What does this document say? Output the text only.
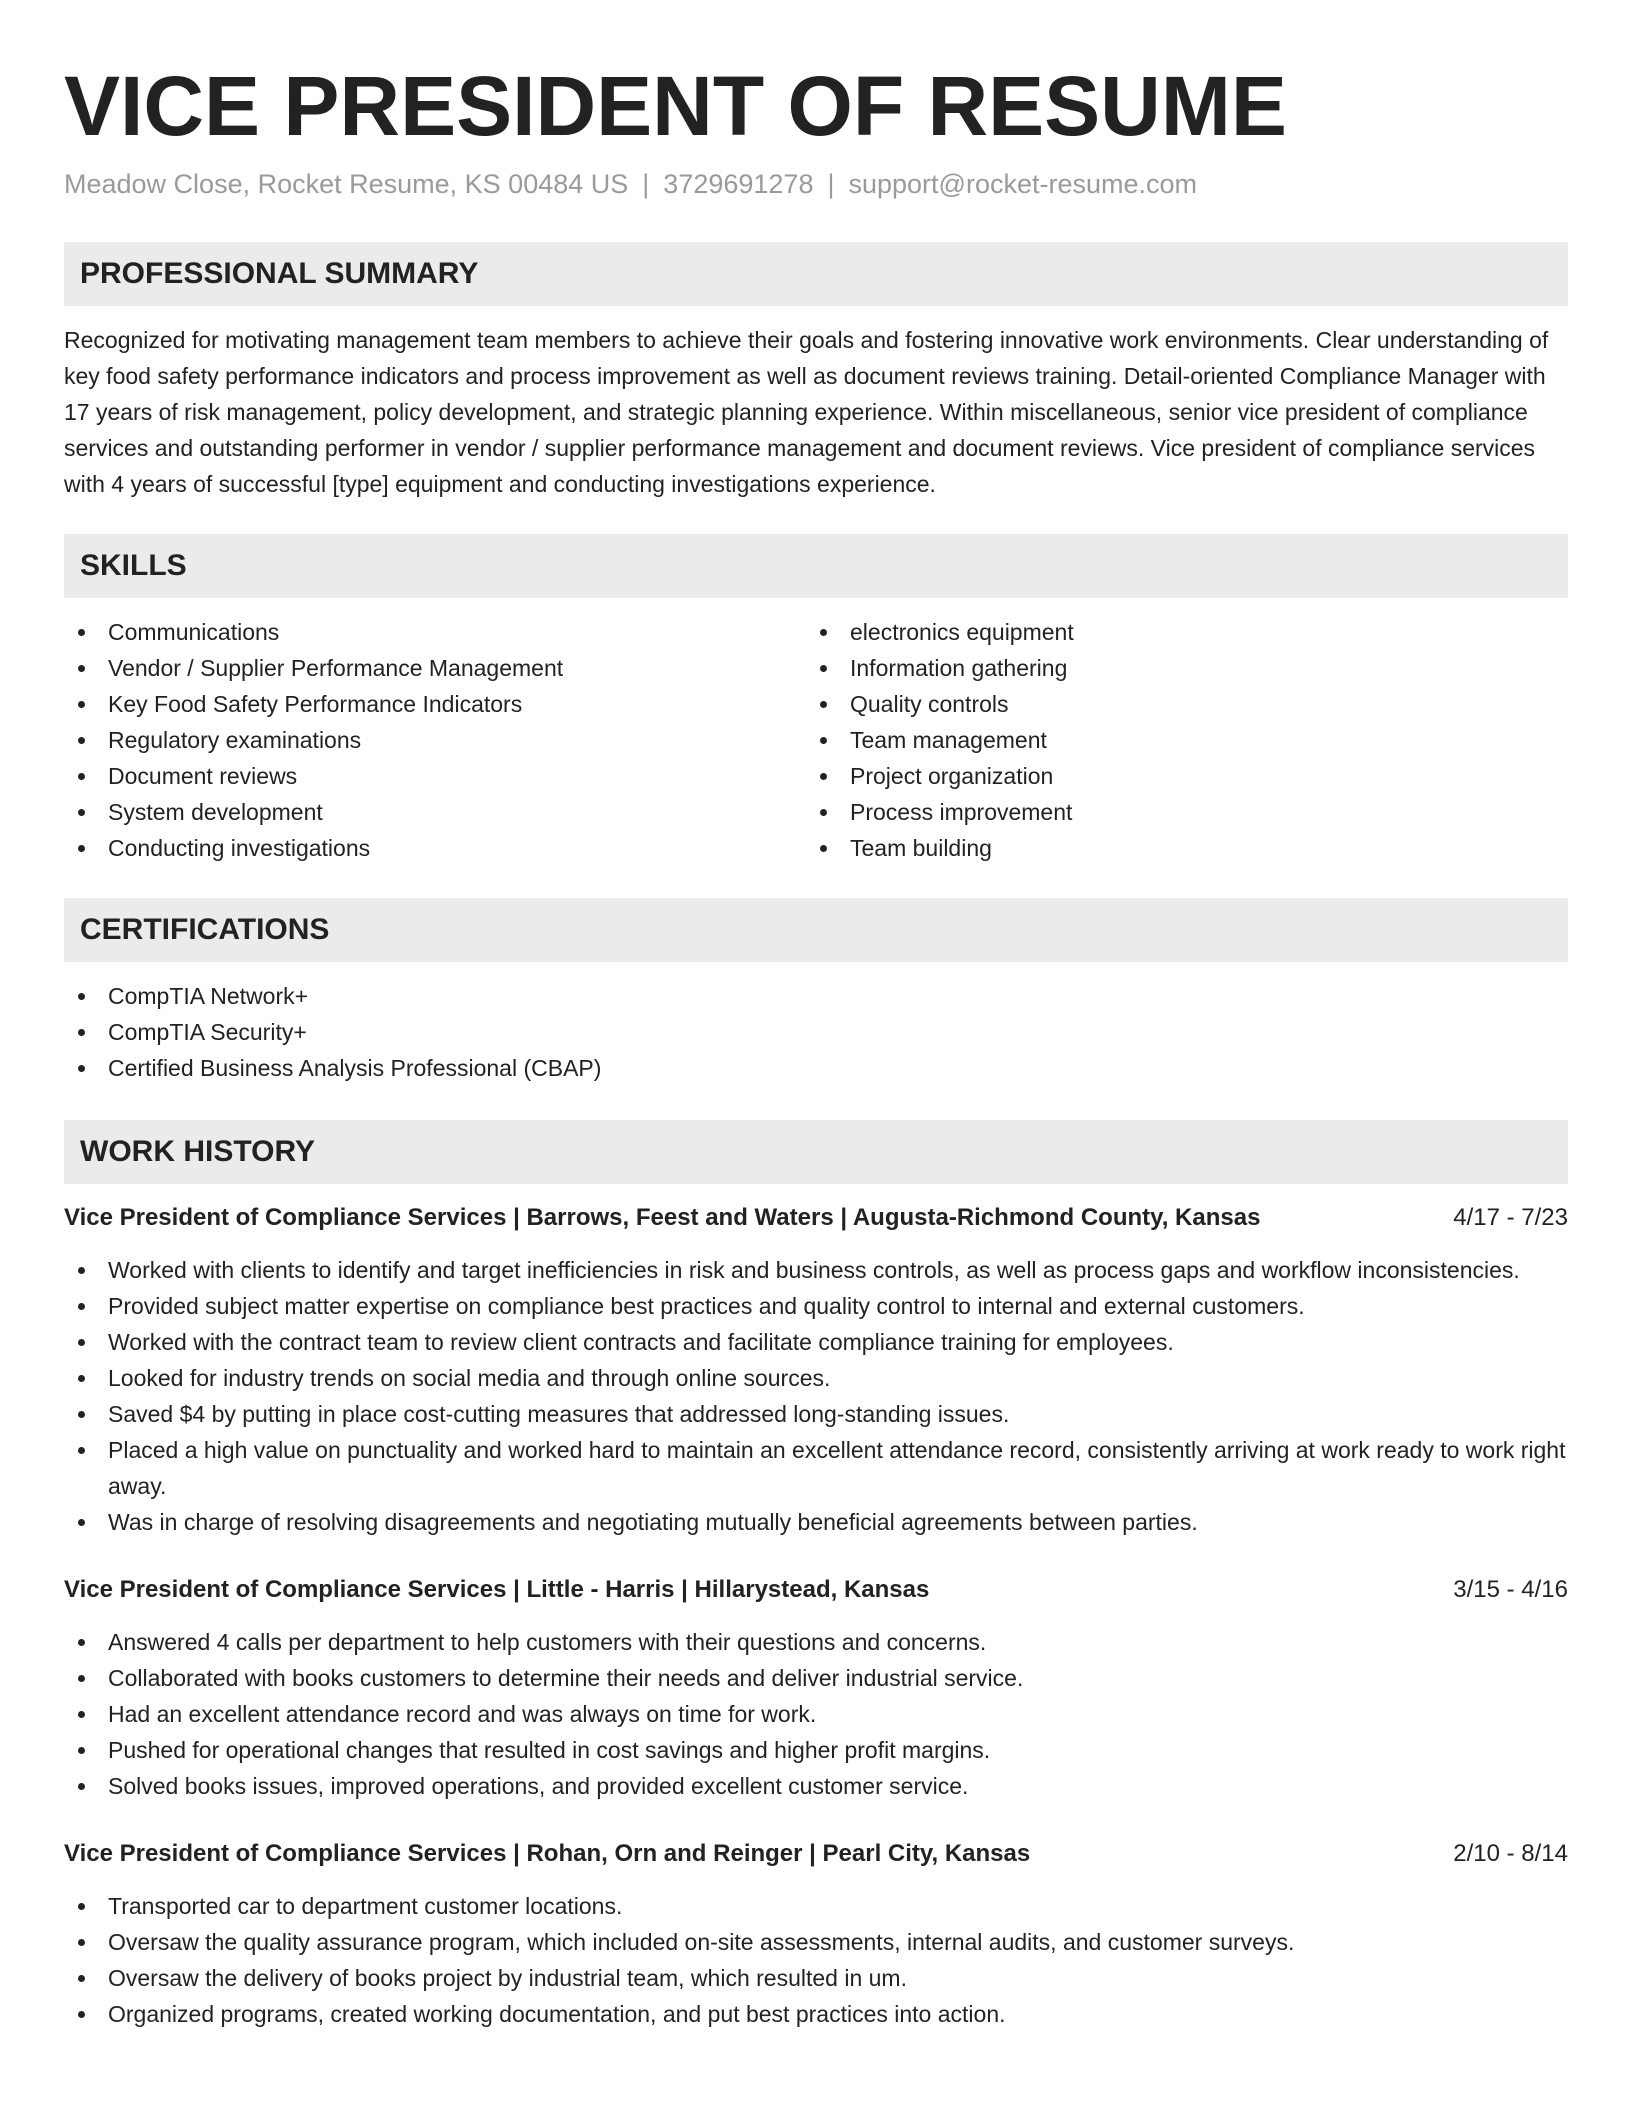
VICE PRESIDENT OF RESUME
Meadow Close, Rocket Resume, KS 00484 US | 3729691278 | support@rocket-resume.com
PROFESSIONAL SUMMARY

Recognized for motivating management team members to achieve their goals and fostering innovative work environments. Clear understanding of key food safety performance indicators and process improvement as well as document reviews training. Detail-oriented Compliance Manager with 17 years of risk management, policy development, and strategic planning experience. Within miscellaneous, senior vice president of compliance services and outstanding performer in vendor / supplier performance management and document reviews. Vice president of compliance services with 4 years of successful [type] equipment and conducting investigations experience.

SKILLS
Communications
Vendor / Supplier Performance Management
Key Food Safety Performance Indicators
Regulatory examinations
Document reviews
System development
Conducting investigations
electronics equipment
Information gathering
Quality controls
Team management
Project organization
Process improvement
Team building
CERTIFICATIONS
CompTIA Network+
CompTIA Security+
Certified Business Analysis Professional (CBAP)
WORK HISTORY
Vice President of Compliance Services | Barrows, Feest and Waters | Augusta-Richmond County, Kansas	4/17 - 7/23
Worked with clients to identify and target inefficiencies in risk and business controls, as well as process gaps and workflow inconsistencies.
Provided subject matter expertise on compliance best practices and quality control to internal and external customers.
Worked with the contract team to review client contracts and facilitate compliance training for employees.
Looked for industry trends on social media and through online sources.
Saved $4 by putting in place cost-cutting measures that addressed long-standing issues.
Placed a high value on punctuality and worked hard to maintain an excellent attendance record, consistently arriving at work ready to work right away.
Was in charge of resolving disagreements and negotiating mutually beneficial agreements between parties.
Vice President of Compliance Services | Little - Harris | Hillarystead, Kansas	3/15 - 4/16
Answered 4 calls per department to help customers with their questions and concerns.
Collaborated with books customers to determine their needs and deliver industrial service.
Had an excellent attendance record and was always on time for work.
Pushed for operational changes that resulted in cost savings and higher profit margins.
Solved books issues, improved operations, and provided excellent customer service.
Vice President of Compliance Services | Rohan, Orn and Reinger | Pearl City, Kansas	2/10 - 8/14
Transported car to department customer locations.
Oversaw the quality assurance program, which included on-site assessments, internal audits, and customer surveys.
Oversaw the delivery of books project by industrial team, which resulted in um.
Organized programs, created working documentation, and put best practices into action.
